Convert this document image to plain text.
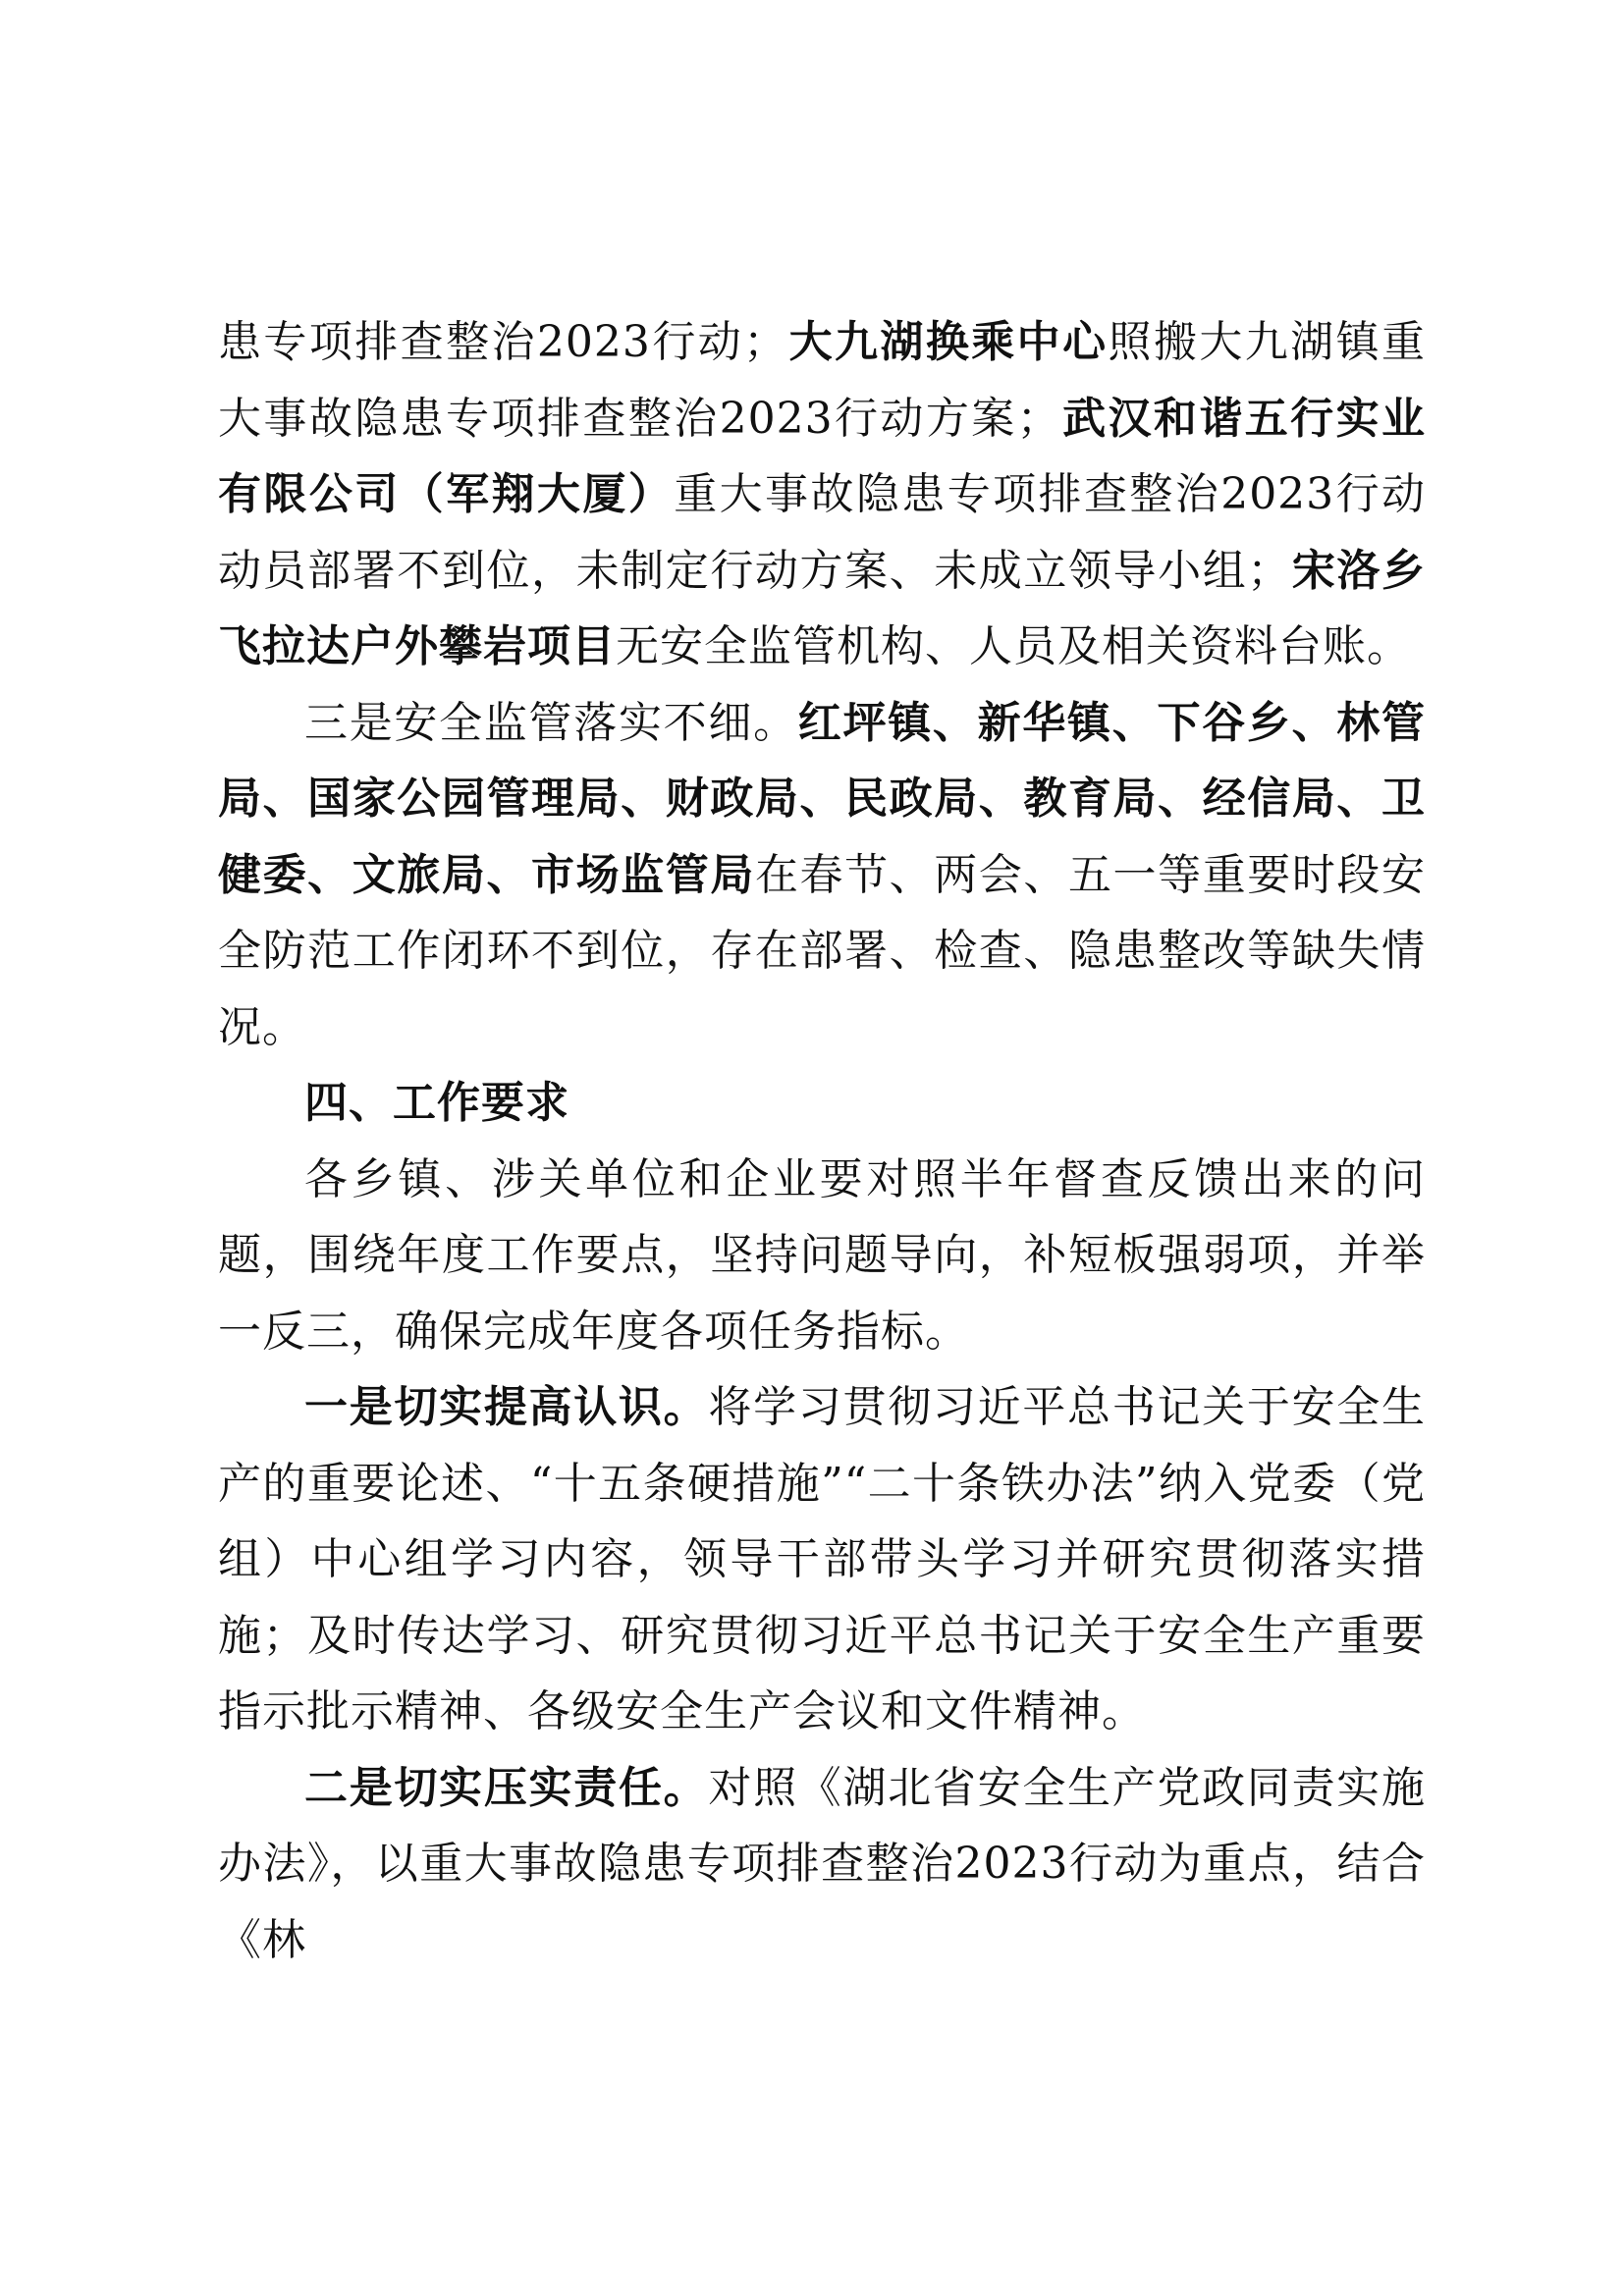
患专项排查整治2023行动；大九湖换乘中心照搬大九湖镇重大事故隐患专项排查整治2023行动方案；武汉和谐五行实业有限公司（军翔大厦）重大事故隐患专项排查整治2023行动动员部署不到位，未制定行动方案、未成立领导小组；宋洛乡飞拉达户外攀岩项目无安全监管机构、人员及相关资料台账。

三是安全监管落实不细。红坪镇、新华镇、下谷乡、林管局、国家公园管理局、财政局、民政局、教育局、经信局、卫健委、文旅局、市场监管局在春节、两会、五一等重要时段安全防范工作闭环不到位，存在部署、检查、隐患整改等缺失情况。

四、工作要求

各乡镇、涉关单位和企业要对照半年督查反馈出来的问题，围绕年度工作要点，坚持问题导向，补短板强弱项，并举一反三，确保完成年度各项任务指标。

一是切实提高认识。将学习贯彻习近平总书记关于安全生产的重要论述、“十五条硬措施”“二十条铁办法”纳入党委（党组）中心组学习内容，领导干部带头学习并研究贯彻落实措施；及时传达学习、研究贯彻习近平总书记关于安全生产重要指示批示精神、各级安全生产会议和文件精神。

二是切实压实责任。对照《湖北省安全生产党政同责实施办法》，以重大事故隐患专项排查整治2023行动为重点，结合《林
